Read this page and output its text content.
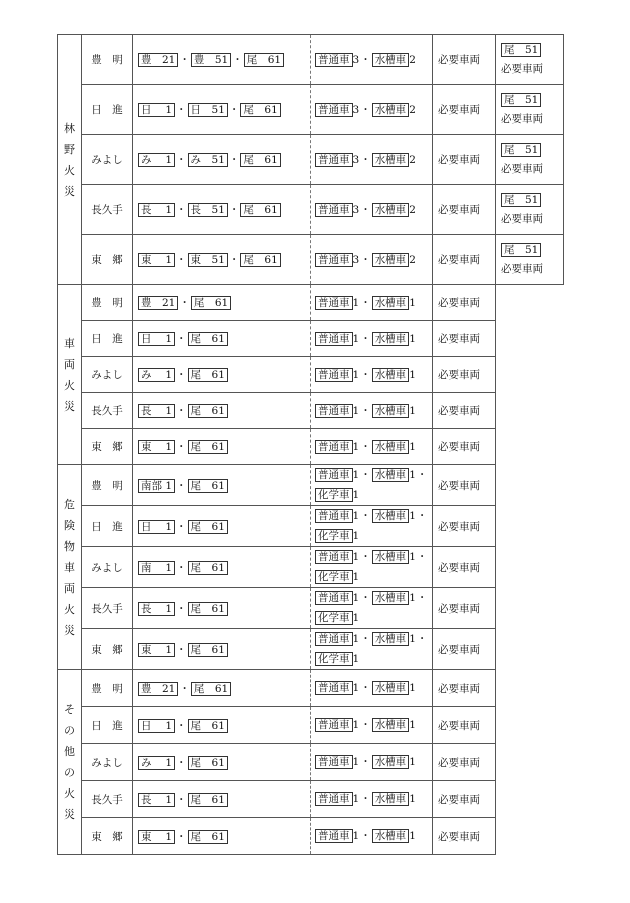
林野火災	豊　明	豊　21 ・ 豊　51 ・ 尾　61	普通車 3・ 水槽車 2	必要車両	尾　51
必要車両

	日　進	日　 1 ・ 日　51 ・ 尾　61	普通車 3・ 水槽車 2	必要車両	尾　51
必要車両

	みよし	み　 1 ・ み　51 ・ 尾　61	普通車 3・ 水槽車 2	必要車両	尾　51
必要車両

	長久手	長　 1 ・ 長　51 ・ 尾　61	普通車 3・ 水槽車 2	必要車両	尾　51
必要車両

	東　郷	東　 1 ・ 東　51 ・ 尾　61	普通車 3・ 水槽車 2	必要車両	尾　51
必要車両

車両火災	豊　明	豊　21 ・ 尾　61	普通車 1・ 水槽車 1	必要車両	
	日　進	日　 1 ・ 尾　61	普通車 1・ 水槽車 1	必要車両	
	みよし	み　 1 ・ 尾　61	普通車 1・ 水槽車 1	必要車両	
	長久手	長　 1 ・ 尾　61	普通車 1・ 水槽車 1	必要車両	
	東　郷	東　 1 ・ 尾　61	普通車 1・ 水槽車 1	必要車両	
危険物車両火災	豊　明	南部 1 ・ 尾　61	普通車 1・ 水槽車 1・
化学車 1	必要車両	
	日　進	日　 1 ・ 尾　61	普通車 1・ 水槽車 1・
化学車 1	必要車両	
	みよし	南　 1 ・ 尾　61	普通車 1・ 水槽車 1・
化学車 1	必要車両	
	長久手	長　 1 ・ 尾　61	普通車 1・ 水槽車 1・
化学車 1	必要車両	
	東　郷	東　 1 ・ 尾　61	普通車 1・ 水槽車 1・
化学車 1	必要車両	
その他の火災	豊　明	豊　21 ・ 尾　61	普通車 1・ 水槽車 1	必要車両	
	日　進	日　 1 ・ 尾　61	普通車 1・ 水槽車 1	必要車両	
	みよし	み　 1 ・ 尾　61	普通車 1・ 水槽車 1	必要車両	
	長久手	長　 1 ・ 尾　61	普通車 1・ 水槽車 1	必要車両	
	東　郷	東　 1 ・ 尾　61	普通車 1・ 水槽車 1	必要車両	
